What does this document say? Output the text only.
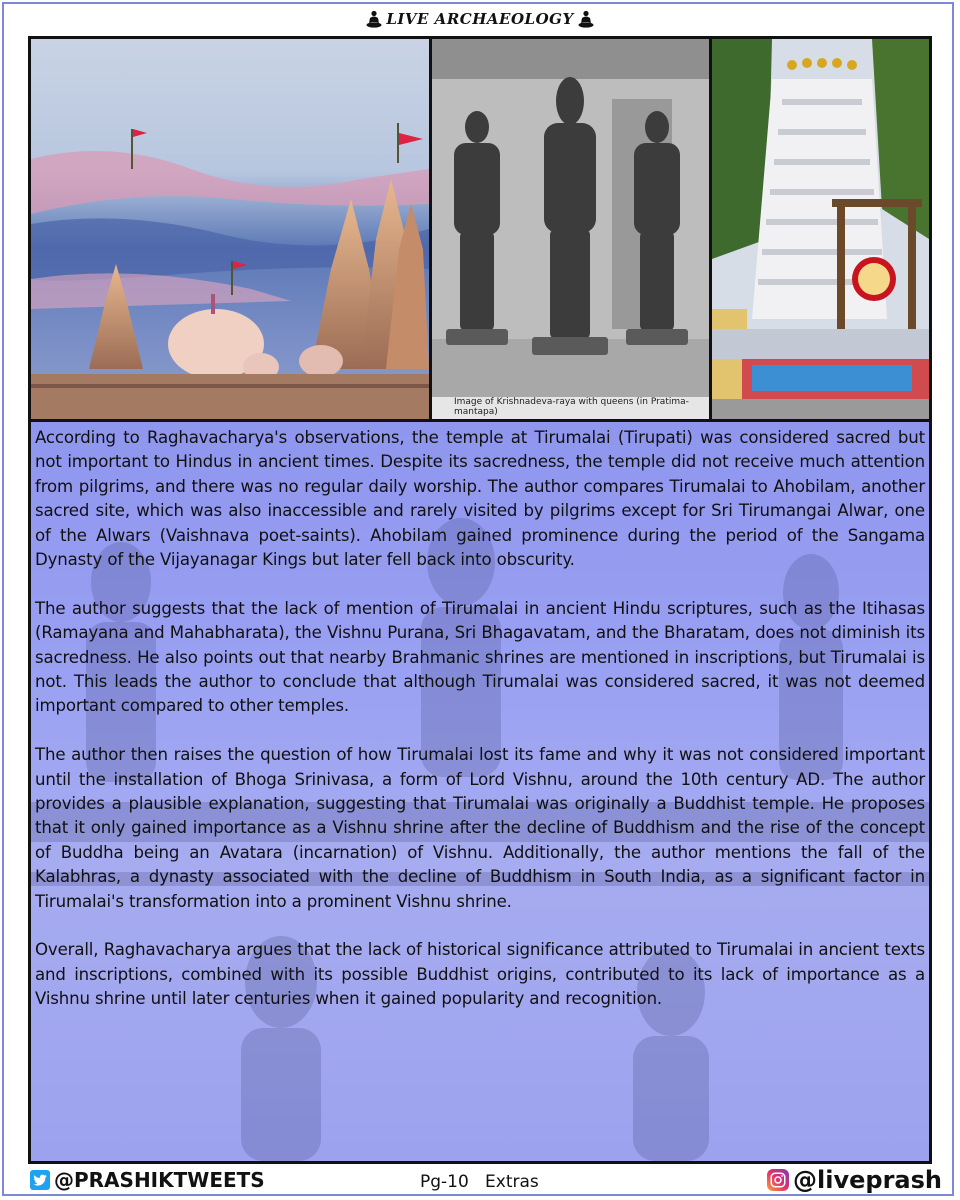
LIVE ARCHAEOLOGY
Image of Krishnadeva-raya with queens (in Pratima-mantapa)

According to Raghavacharya's observations, the temple at Tirumalai (Tirupati) was considered sacred but not important to Hindus in ancient times. Despite its sacredness, the temple did not receive much attention from pilgrims, and there was no regular daily worship. The author compares Tirumalai to Ahobilam, another sacred site, which was also inaccessible and rarely visited by pilgrims except for Sri Tirumangai Alwar, one of the Alwars (Vaishnava poet-saints). Ahobilam gained prominence during the period of the Sangama Dynasty of the Vijayanagar Kings but later fell back into obscurity.

The author suggests that the lack of mention of Tirumalai in ancient Hindu scriptures, such as the Itihasas (Ramayana and Mahabharata), the Vishnu Purana, Sri Bhagavatam, and the Bharatam, does not diminish its sacredness. He also points out that nearby Brahmanic shrines are mentioned in inscriptions, but Tirumalai is not. This leads the author to conclude that although Tirumalai was considered sacred, it was not deemed important compared to other temples.

The author then raises the question of how Tirumalai lost its fame and why it was not considered important until the installation of Bhoga Srinivasa, a form of Lord Vishnu, around the 10th century AD. The author provides a plausible explanation, suggesting that Tirumalai was originally a Buddhist temple. He proposes that it only gained importance as a Vishnu shrine after the decline of Buddhism and the rise of the concept of Buddha being an Avatara (incarnation) of Vishnu. Additionally, the author mentions the fall of the Kalabhras, a dynasty associated with the decline of Buddhism in South India, as a significant factor in Tirumalai's transformation into a prominent Vishnu shrine.

Overall, Raghavacharya argues that the lack of historical significance attributed to Tirumalai in ancient texts and inscriptions, combined with its possible Buddhist origins, contributed to its lack of importance as a Vishnu shrine until later centuries when it gained popularity and recognition.

@PRASHIKTWEETS	Pg-10   Extras	@liveprash
